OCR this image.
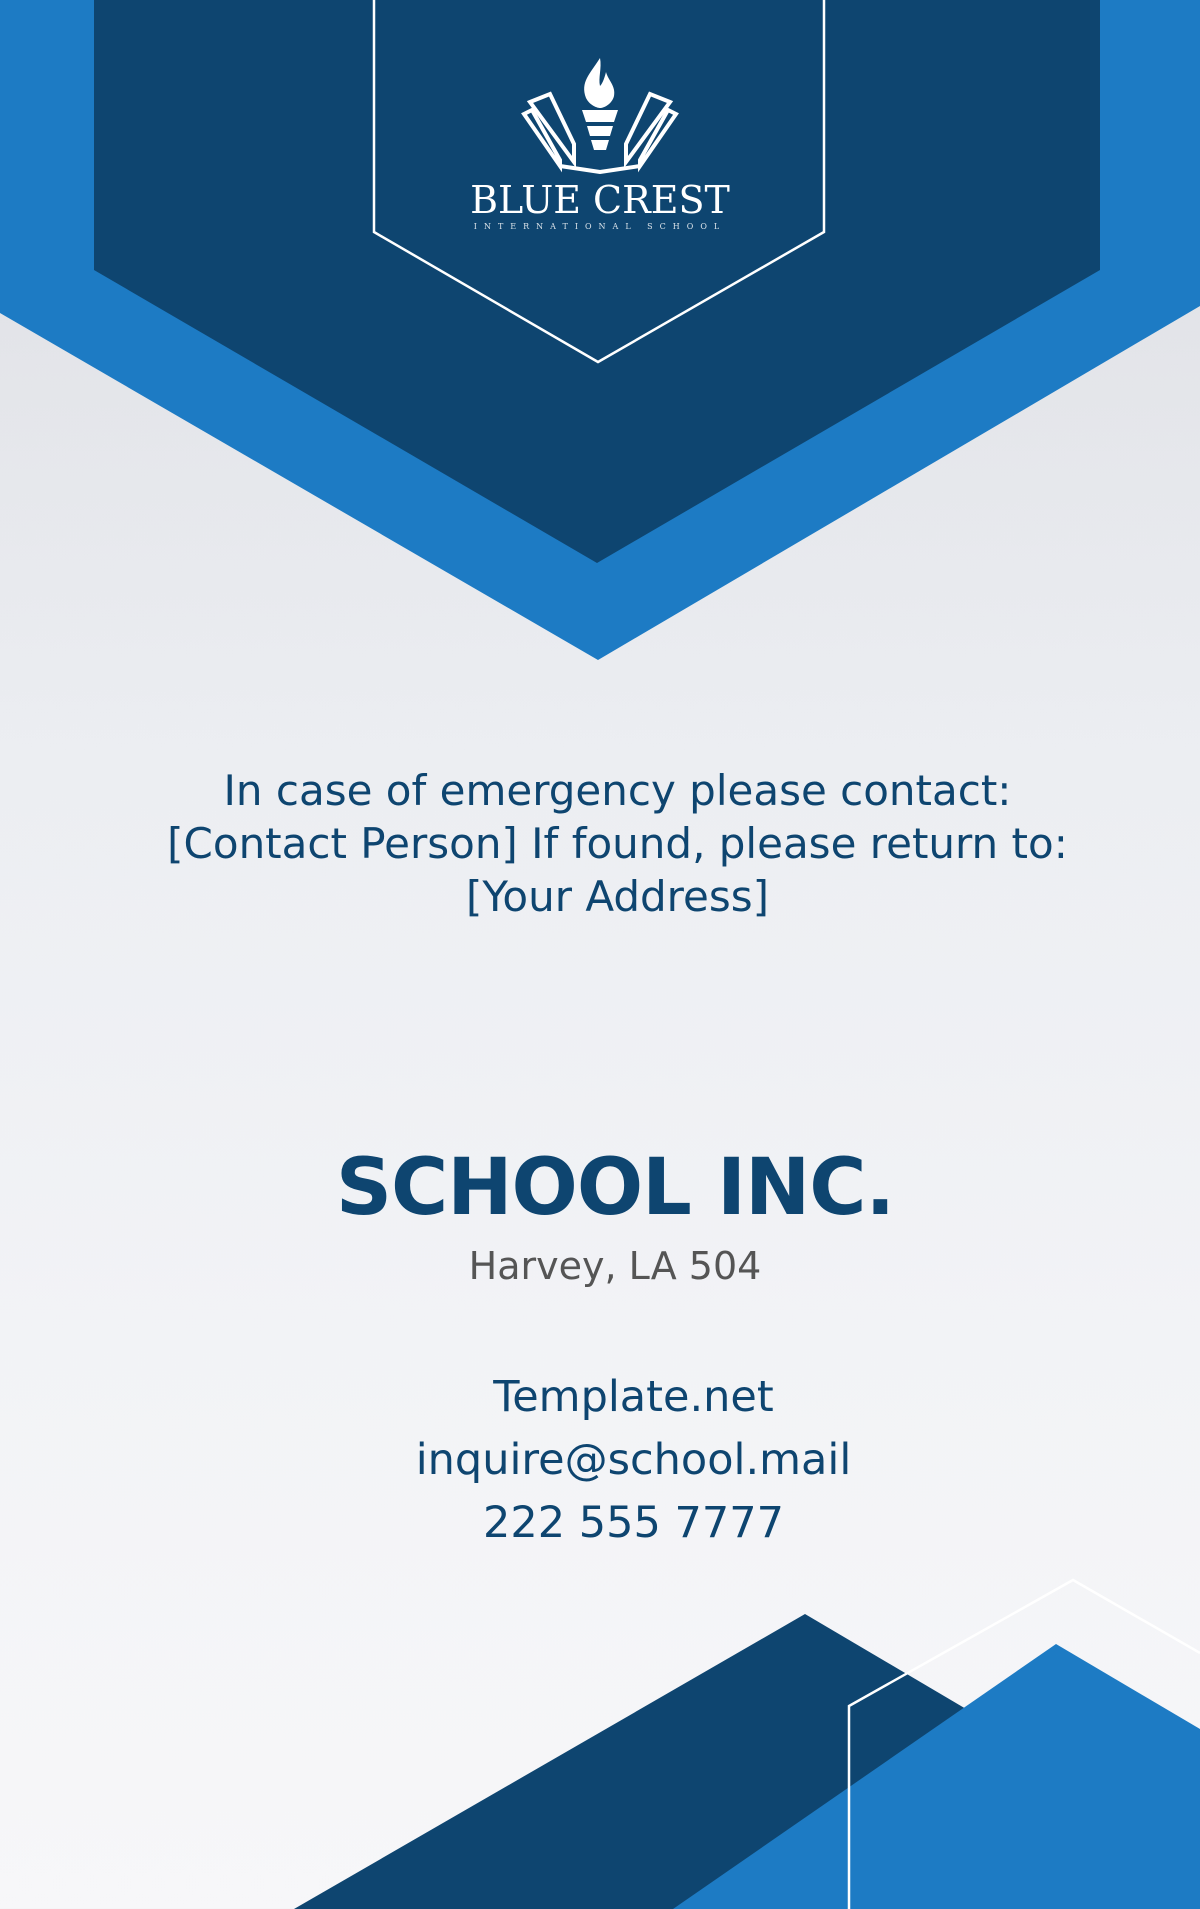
BLUE CREST
INTERNATIONAL SCHOOL
In case of emergency please contact: [Contact Person] If found, please return to: [Your Address]
SCHOOL INC.
Harvey, LA 504
Template.net
inquire@school.mail
222 555 7777
